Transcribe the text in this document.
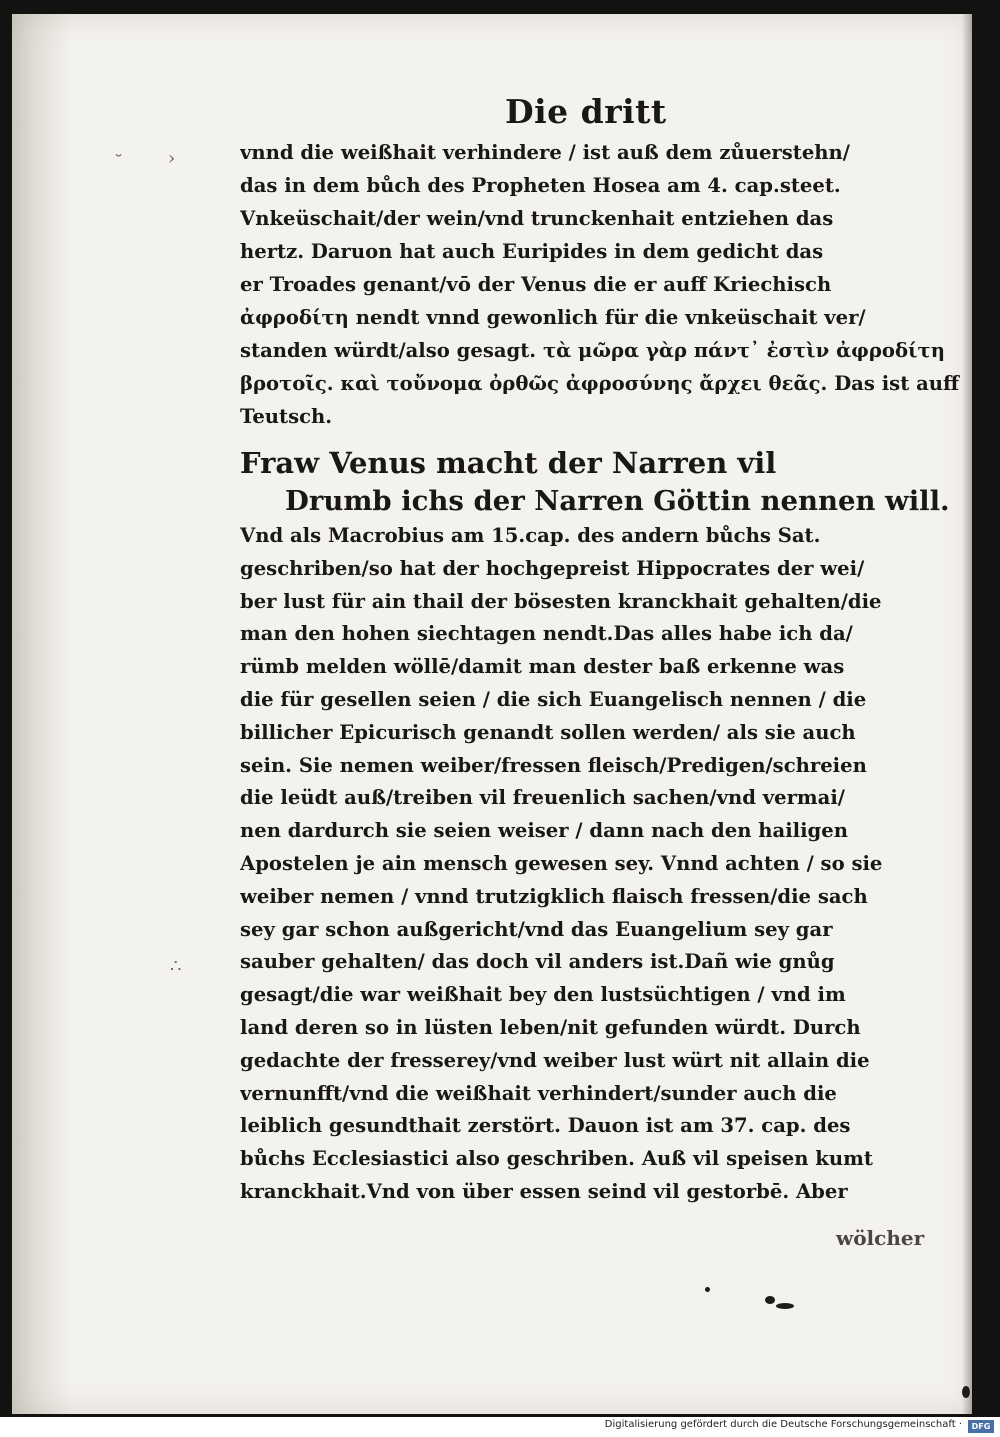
Die dritt
˘	›
∴
vnnd die weißhait verhindere / ist auß dem zůuerstehn/
das in dem bůch des Propheten Hosea am 4. cap.steet.
Vnkeüschait/der wein/vnd trunckenhait entziehen das
hertz. Daruon hat auch Euripides in dem gedicht das
er Troades genant/vō der Venus die er auff Kriechisch
ἀφροδίτη nendt vnnd gewonlich für die vnkeüschait ver/
standen würdt/also gesagt. τὰ μῶρα γὰρ πάντ᾽ ἐστὶν ἀφροδίτη
βροτοῖς. καὶ τοὔνομα ὀρθῶς ἀφροσύνης ἄρχει θεᾶς. Das ist auff
Teutsch.
Fraw Venus macht der Narren vil
Drumb ichs der Narren Göttin nennen will.
Vnd als Macrobius am 15.cap. des andern bůchs Sat.
geschriben/so hat der hochgepreist Hippocrates der wei/
ber lust für ain thail der bösesten kranckhait gehalten/die
man den hohen siechtagen nendt.Das alles habe ich da/
rümb melden wöllē/damit man dester baß erkenne was
die für gesellen seien / die sich Euangelisch nennen / die
billicher Epicurisch genandt sollen werden/ als sie auch
sein. Sie nemen weiber/fressen fleisch/Predigen/schreien
die leüdt auß/treiben vil freuenlich sachen/vnd vermai/
nen dardurch sie seien weiser / dann nach den hailigen
Apostelen je ain mensch gewesen sey. Vnnd achten / so sie
weiber nemen / vnnd trutzigklich flaisch fressen/die sach
sey gar schon außgericht/vnd das Euangelium sey gar
sauber gehalten/ das doch vil anders ist.Dañ wie gnůg
gesagt/die war weißhait bey den lustsüchtigen / vnd im
land deren so in lüsten leben/nit gefunden würdt. Durch
gedachte der fresserey/vnd weiber lust würt nit allain die
vernunfft/vnd die weißhait verhindert/sunder auch die
leiblich gesundthait zerstört. Dauon ist am 37. cap. des
bůchs Ecclesiastici also geschriben. Auß vil speisen kumt
kranckhait.Vnd von über essen seind vil gestorbē. Aber
wölcher
Digitalisierung gefördert durch die Deutsche Forschungsgemeinschaft ·	DFG
